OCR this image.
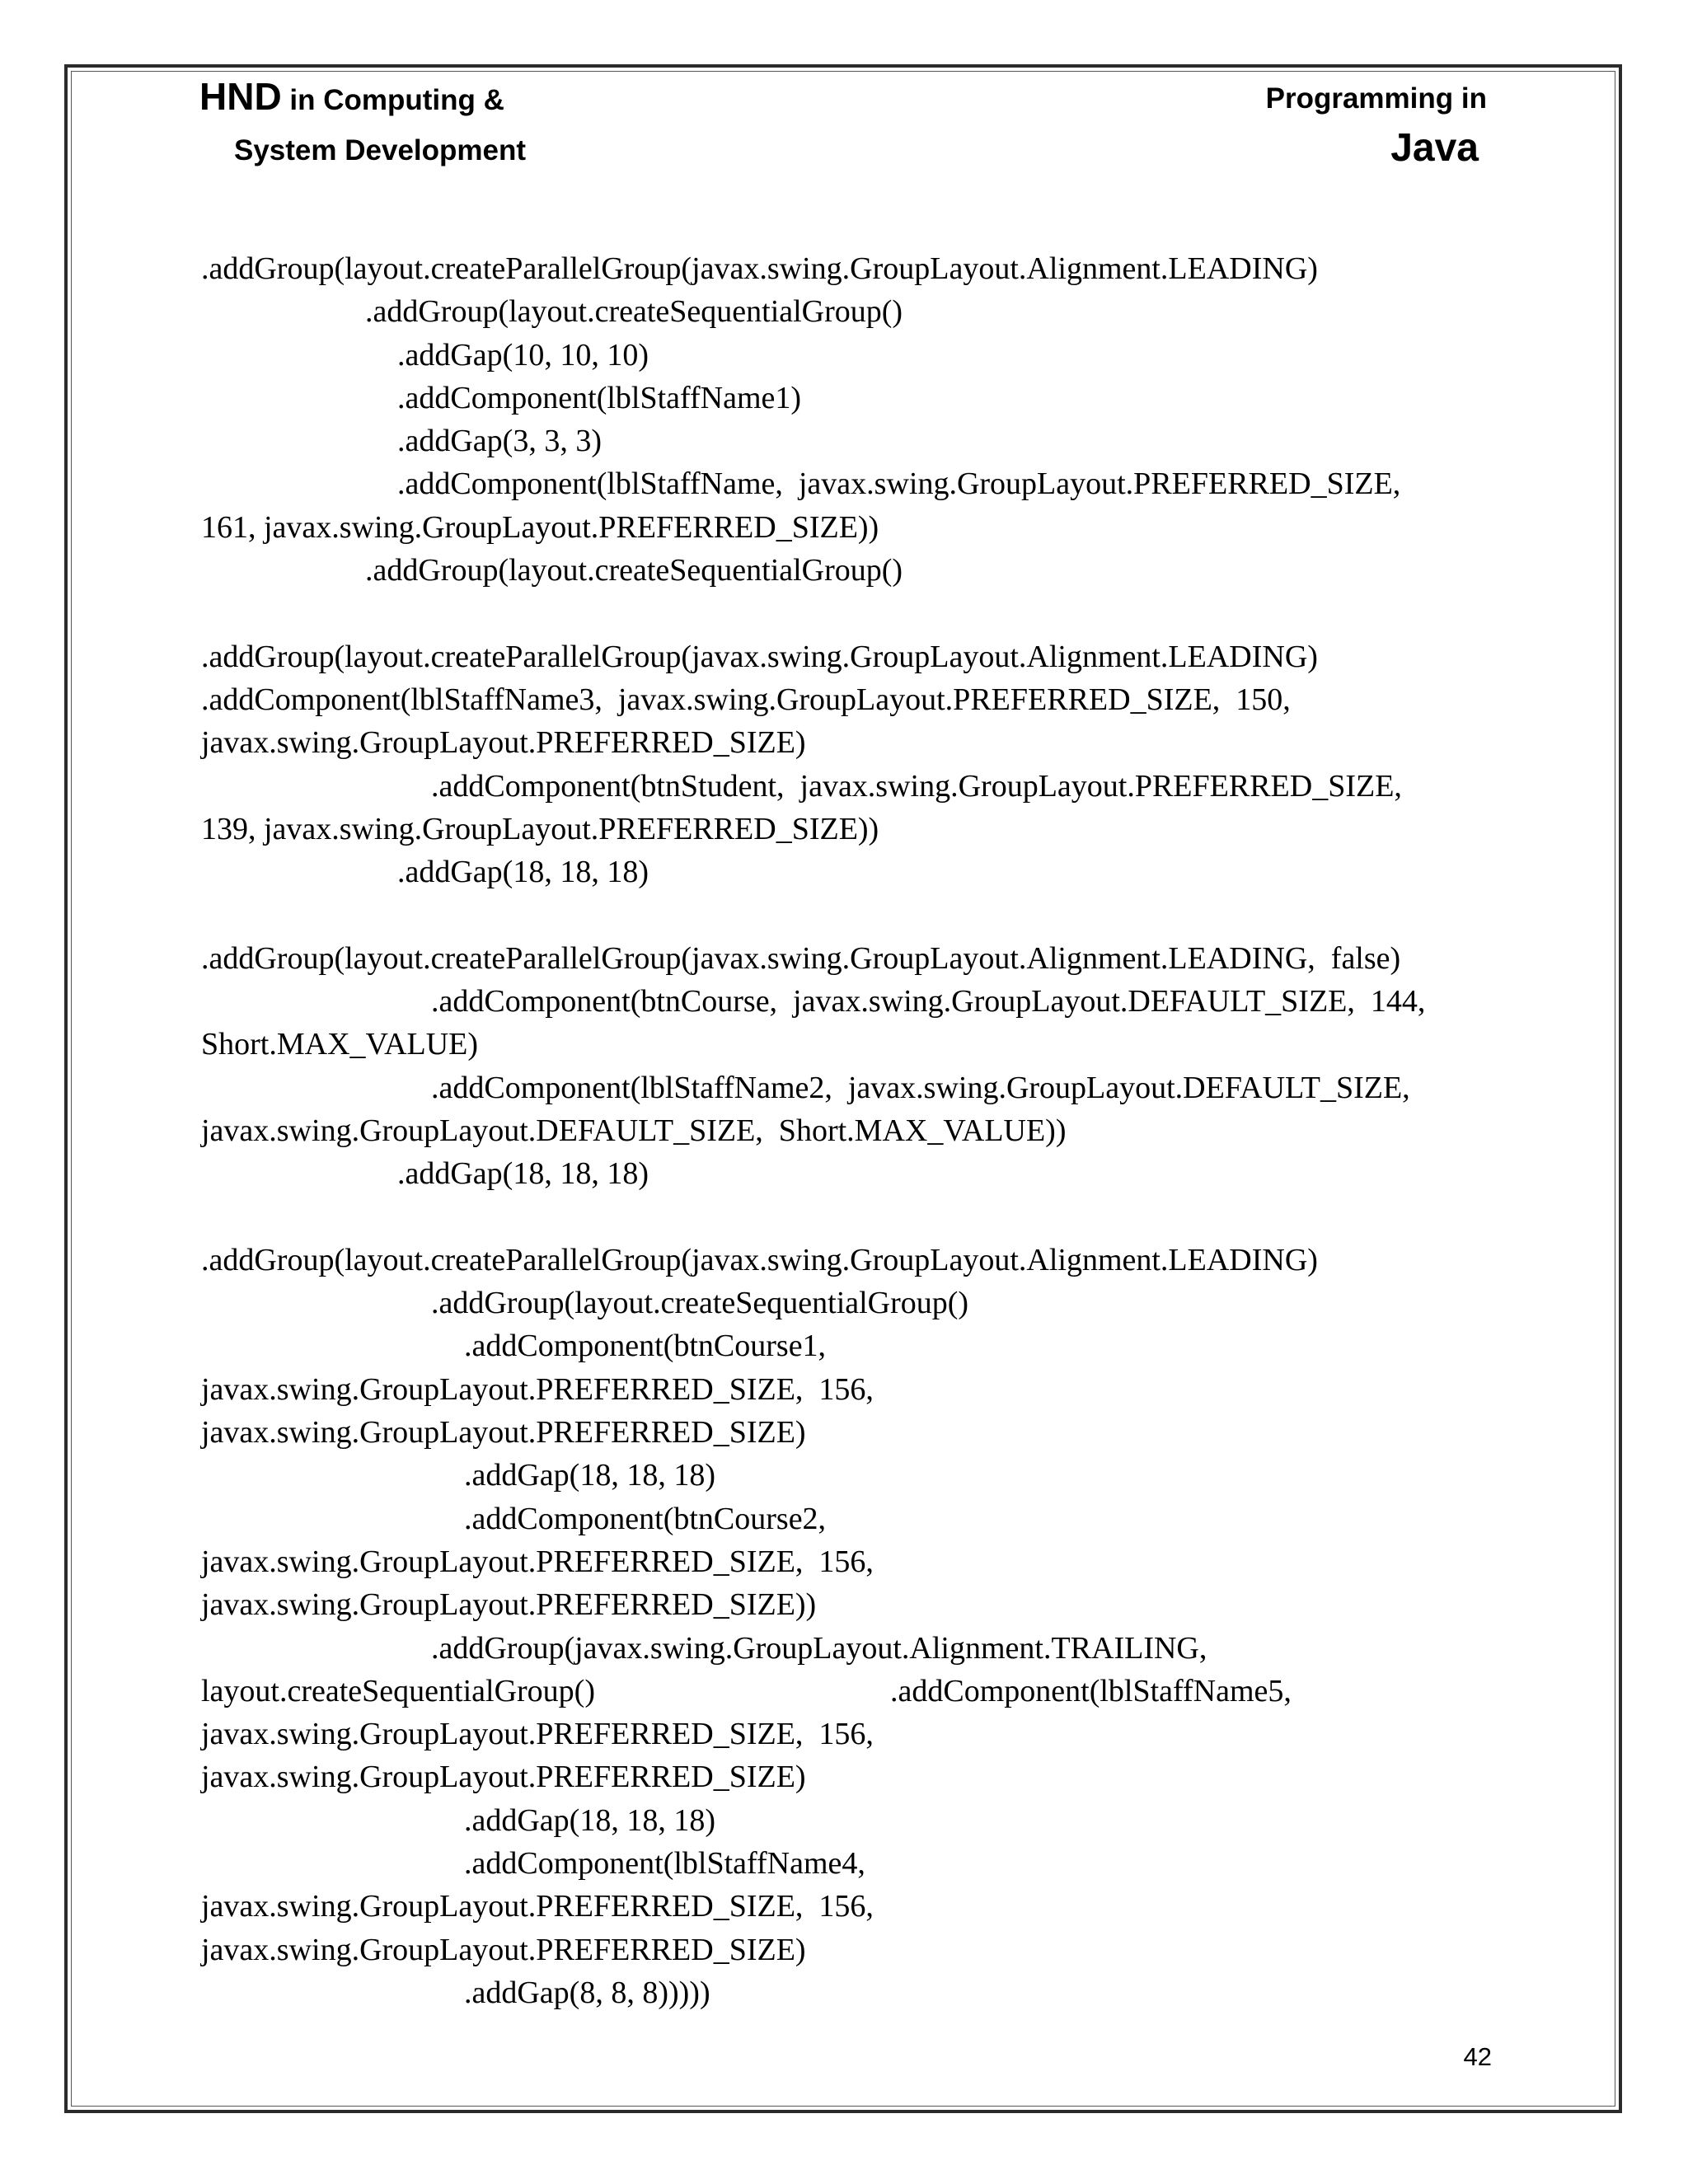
HND in Computing &
System Development
Programming in
Java
.addGroup(layout.createParallelGroup(javax.swing.GroupLayout.Alignment.LEADING)
.addGroup(layout.createSequentialGroup()
.addGap(10, 10, 10)
.addComponent(lblStaffName1)
.addGap(3, 3, 3)
.addComponent(lblStaffName,  javax.swing.GroupLayout.PREFERRED_SIZE,
161, javax.swing.GroupLayout.PREFERRED_SIZE))
.addGroup(layout.createSequentialGroup()
.addGroup(layout.createParallelGroup(javax.swing.GroupLayout.Alignment.LEADING)
.addComponent(lblStaffName3,  javax.swing.GroupLayout.PREFERRED_SIZE,  150,
javax.swing.GroupLayout.PREFERRED_SIZE)
.addComponent(btnStudent,  javax.swing.GroupLayout.PREFERRED_SIZE,
139, javax.swing.GroupLayout.PREFERRED_SIZE))
.addGap(18, 18, 18)
.addGroup(layout.createParallelGroup(javax.swing.GroupLayout.Alignment.LEADING,  false)
.addComponent(btnCourse,  javax.swing.GroupLayout.DEFAULT_SIZE,  144,
Short.MAX_VALUE)
.addComponent(lblStaffName2,  javax.swing.GroupLayout.DEFAULT_SIZE,
javax.swing.GroupLayout.DEFAULT_SIZE,  Short.MAX_VALUE))
.addGap(18, 18, 18)
.addGroup(layout.createParallelGroup(javax.swing.GroupLayout.Alignment.LEADING)
.addGroup(layout.createSequentialGroup()
.addComponent(btnCourse1,
javax.swing.GroupLayout.PREFERRED_SIZE,  156,
javax.swing.GroupLayout.PREFERRED_SIZE)
.addGap(18, 18, 18)
.addComponent(btnCourse2,
javax.swing.GroupLayout.PREFERRED_SIZE,  156,
javax.swing.GroupLayout.PREFERRED_SIZE))
.addGroup(javax.swing.GroupLayout.Alignment.TRAILING,
layout.createSequentialGroup()	.addComponent(lblStaffName5,
javax.swing.GroupLayout.PREFERRED_SIZE,  156,
javax.swing.GroupLayout.PREFERRED_SIZE)
.addGap(18, 18, 18)
.addComponent(lblStaffName4,
javax.swing.GroupLayout.PREFERRED_SIZE,  156,
javax.swing.GroupLayout.PREFERRED_SIZE)
.addGap(8, 8, 8)))))
42
